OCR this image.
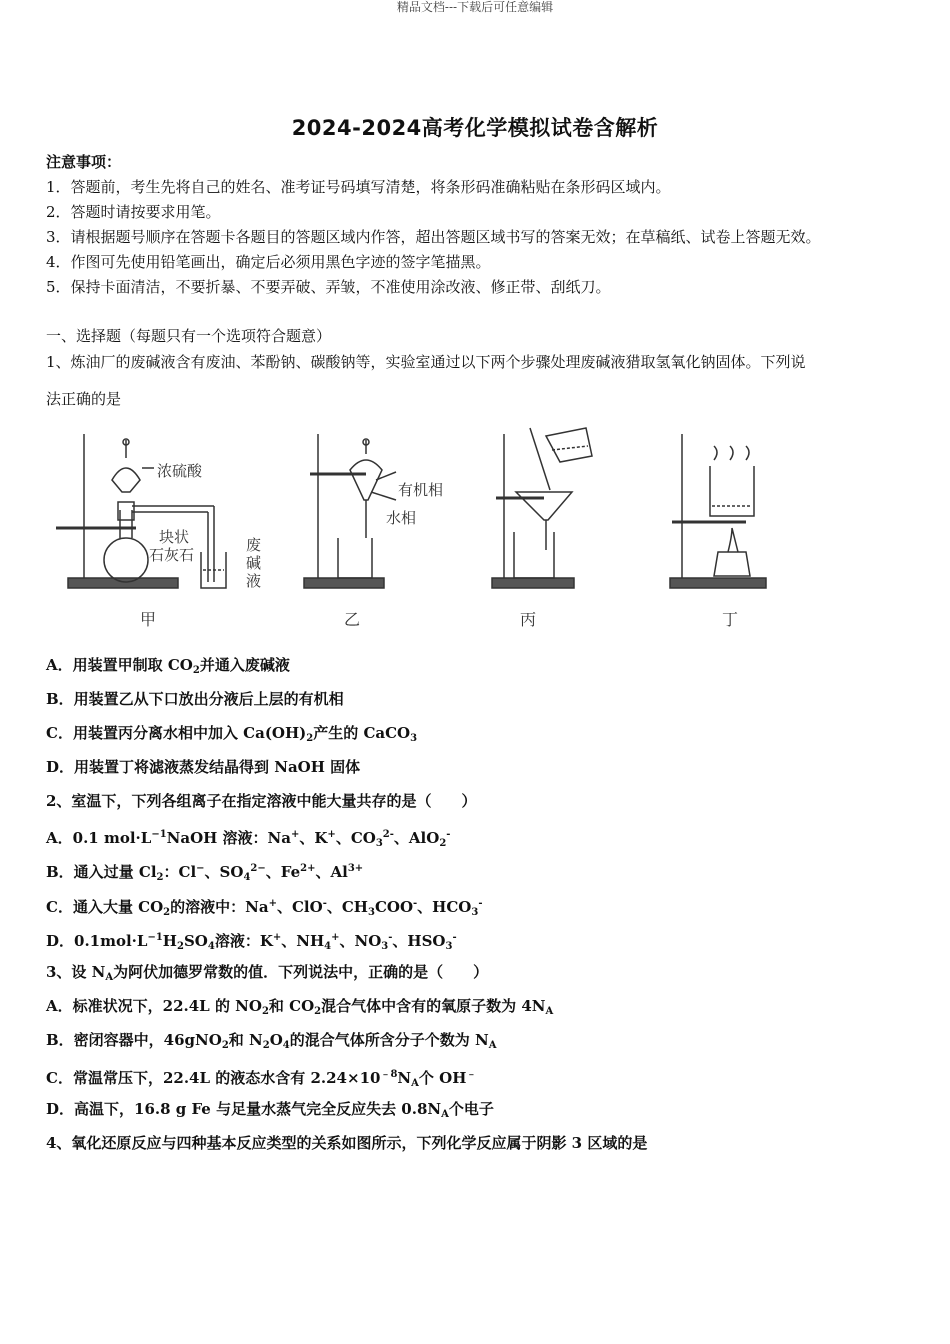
精品文档---下载后可任意编辑
2024-2024高考化学模拟试卷含解析
注意事项：
1．答题前，考生先将自己的姓名、准考证号码填写清楚，将条形码准确粘贴在条形码区域内。
2．答题时请按要求用笔。
3．请根据题号顺序在答题卡各题目的答题区域内作答，超出答题区域书写的答案无效；在草稿纸、试卷上答题无效。
4．作图可先使用铅笔画出，确定后必须用黑色字迹的签字笔描黑。
5．保持卡面清洁，不要折暴、不要弄破、弄皱，不准使用涂改液、修正带、刮纸刀。
一、选择题（每题只有一个选项符合题意）
1、炼油厂的废碱液含有废油、苯酚钠、碳酸钠等，实验室通过以下两个步骤处理废碱液猎取氢氧化钠固体。下列说
法正确的是
浓硫酸
块状
石灰石
废
碱
液
有机相
水相
甲	乙	丙	丁
A．用装置甲制取 $CO_2$并通入废碱液
B．用装置乙从下口放出分液后上层的有机相
C．用装置丙分离水相中加入 $Ca(OH)_2$产生的 CaCO$_3$
D．用装置丁将滤液蒸发结晶得到 NaOH 固体
2、室温下，下列各组离子在指定溶液中能大量共存的是（　　）
A．0.1 $mol\cdot L^{-1}NaOH$ 溶液：Na+、K+、$CO_3^{2-}$、AlO$_2$-
B．通入过量 $Cl_2$：Cl−、$SO_4^{2-}$、$Fe^{2+}$、$Al^{3+}$
C．通入大量 $CO_2$的溶液中：Na+、ClO-、$CH_3COO^-$、$HCO_3^-$
D．$0.1mol\cdot L^{-1}H_2SO_4$溶液：K+、$NH_4^+$、$NO_3^-$、$HSO_3^-$
3、设 $N_A$为阿伏加德罗常数的值．下列说法中，正确的是（　　）
A．标准状况下，22.4L 的 $NO_2$和 $CO_2$混合气体中含有的氧原子数为 $4N_A$
B．密闭容器中，46gNO$_2$和 $N_2O_4$的混合气体所含分子个数为 $N_A$
C．常温常压下，22.4L 的液态水含有 $2.24\times 10^{﹣8}N_A$个 OH﹣
D．高温下，16.8 g Fe 与足量水蒸气完全反应失去 $0.8N_A$个电子
4、氧化还原反应与四种基本反应类型的关系如图所示，下列化学反应属于阴影 3 区域的是
